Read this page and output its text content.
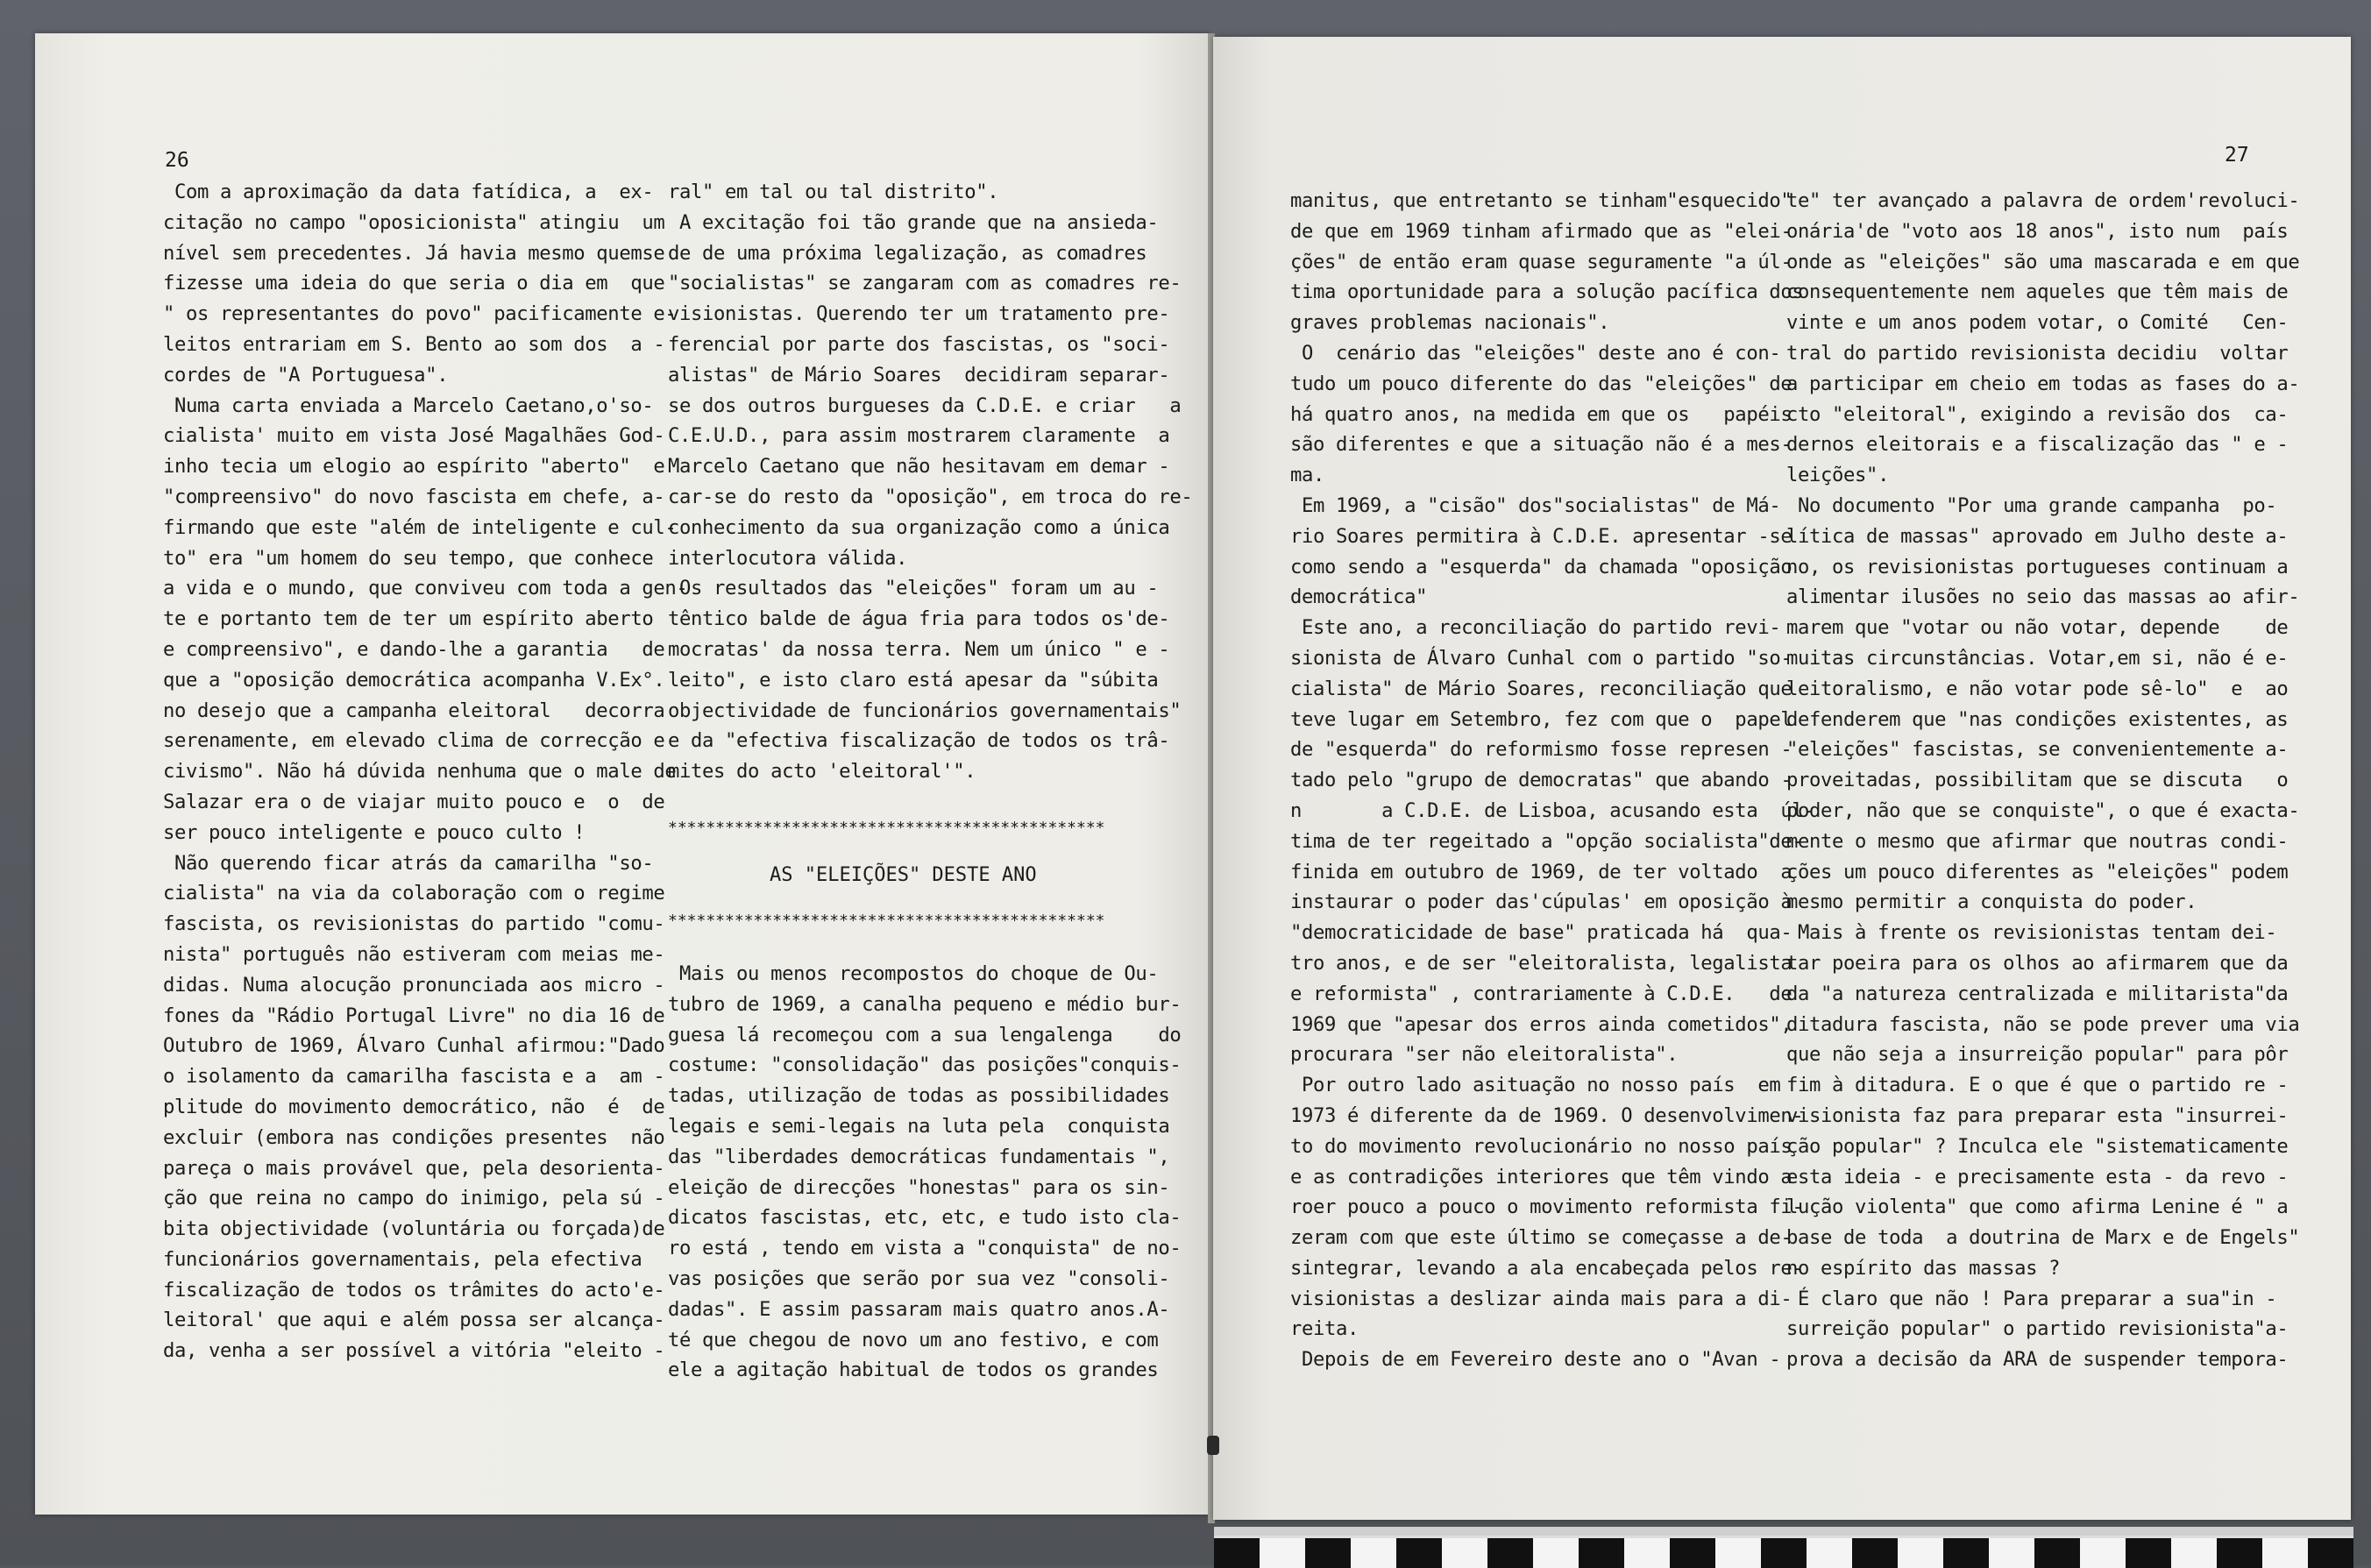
26	27
Com a aproximação da data fatídica, a  ex-
citação no campo "oposicionista" atingiu  um
nível sem precedentes. Já havia mesmo quemse
fizesse uma ideia do que seria o dia em  que
" os representantes do povo" pacificamente e-
leitos entrariam em S. Bento ao som dos  a -
cordes de "A Portuguesa".
Numa carta enviada a Marcelo Caetano,o'so-
cialista' muito em vista José Magalhães God-
inho tecia um elogio ao espírito "aberto"  e
"compreensivo" do novo fascista em chefe, a-
firmando que este "além de inteligente e cul-
to" era "um homem do seu tempo, que conhece
a vida e o mundo, que conviveu com toda a gen-
te e portanto tem de ter um espírito aberto
e compreensivo", e dando-lhe a garantia   de
que a "oposição democrática acompanha V.Ex°.
no desejo que a campanha eleitoral   decorra
serenamente, em elevado clima de correcção e
civismo". Não há dúvida nenhuma que o male de
Salazar era o de viajar muito pouco e  o  de
ser pouco inteligente e pouco culto !
Não querendo ficar atrás da camarilha "so-
cialista" na via da colaboração com o regime
fascista, os revisionistas do partido "comu-
nista" português não estiveram com meias me-
didas. Numa alocução pronunciada aos micro -
fones da "Rádio Portugal Livre" no dia 16 de
Outubro de 1969, Álvaro Cunhal afirmou:"Dado
o isolamento da camarilha fascista e a  am -
plitude do movimento democrático, não  é  de
excluir (embora nas condições presentes  não
pareça o mais provável que, pela desorienta-
ção que reina no campo do inimigo, pela sú -
bita objectividade (voluntária ou forçada)de
funcionários governamentais, pela efectiva
fiscalização de todos os trâmites do acto'e-
leitoral' que aqui e além possa ser alcança-
da, venha a ser possível a vitória "eleito -
ral" em tal ou tal distrito".
A excitação foi tão grande que na ansieda-
de de uma próxima legalização, as comadres
"socialistas" se zangaram com as comadres re-
visionistas. Querendo ter um tratamento pre-
ferencial por parte dos fascistas, os "soci-
alistas" de Mário Soares  decidiram separar-
se dos outros burgueses da C.D.E. e criar   a
C.E.U.D., para assim mostrarem claramente  a
Marcelo Caetano que não hesitavam em demar -
car-se do resto da "oposição", em troca do re-
conhecimento da sua organização como a única
interlocutora válida.
Os resultados das "eleições" foram um au -
têntico balde de água fria para todos os'de-
mocratas' da nossa terra. Nem um único " e -
leito", e isto claro está apesar da "súbita
objectividade de funcionários governamentais"
e da "efectiva fiscalização de todos os trâ-
mites do acto 'eleitoral'".
**********************************************
AS "ELEIÇÕES" DESTE ANO
**********************************************
Mais ou menos recompostos do choque de Ou-
tubro de 1969, a canalha pequeno e médio bur-
guesa lá recomeçou com a sua lengalenga    do
costume: "consolidação" das posições"conquis-
tadas, utilização de todas as possibilidades
legais e semi-legais na luta pela  conquista
das "liberdades democráticas fundamentais ",
eleição de direcções "honestas" para os sin-
dicatos fascistas, etc, etc, e tudo isto cla-
ro está , tendo em vista a "conquista" de no-
vas posições que serão por sua vez "consoli-
dadas". E assim passaram mais quatro anos.A-
té que chegou de novo um ano festivo, e com
ele a agitação habitual de todos os grandes
manitus, que entretanto se tinham"esquecido"
de que em 1969 tinham afirmado que as "elei-
ções" de então eram quase seguramente "a úl-
tima oportunidade para a solução pacífica dos
graves problemas nacionais".
O  cenário das "eleições" deste ano é con-
tudo um pouco diferente do das "eleições" de
há quatro anos, na medida em que os   papéis
são diferentes e que a situação não é a mes-
ma.
Em 1969, a "cisão" dos"socialistas" de Má-
rio Soares permitira à C.D.E. apresentar -se
como sendo a "esquerda" da chamada "oposição
democrática"
Este ano, a reconciliação do partido revi-
sionista de Álvaro Cunhal com o partido "so-
cialista" de Mário Soares, reconciliação que
teve lugar em Setembro, fez com que o  papel
de "esquerda" do reformismo fosse represen -
tado pelo "grupo de democratas" que abando -
n       a C.D.E. de Lisboa, acusando esta  úl-
tima de ter regeitado a "opção socialista"de-
finida em outubro de 1969, de ter voltado  a
instaurar o poder das'cúpulas' em oposição à
"democraticidade de base" praticada há  qua-
tro anos, e de ser "eleitoralista, legalista
e reformista" , contrariamente à C.D.E.   de
1969 que "apesar dos erros ainda cometidos",
procurara "ser não eleitoralista".
Por outro lado asituação no nosso país  em
1973 é diferente da de 1969. O desenvolvimen-
to do movimento revolucionário no nosso país
e as contradições interiores que têm vindo a
roer pouco a pouco o movimento reformista fi-
zeram com que este último se começasse a de-
sintegrar, levando a ala encabeçada pelos re-
visionistas a deslizar ainda mais para a di-
reita.
Depois de em Fevereiro deste ano o "Avan -
te" ter avançado a palavra de ordem'revoluci-
onária'de "voto aos 18 anos", isto num  país
onde as "eleições" são uma mascarada e em que
consequentemente nem aqueles que têm mais de
vinte e um anos podem votar, o Comité   Cen-
tral do partido revisionista decidiu  voltar
a participar em cheio em todas as fases do a-
cto "eleitoral", exigindo a revisão dos  ca-
dernos eleitorais e a fiscalização das " e -
leições".
No documento "Por uma grande campanha  po-
lítica de massas" aprovado em Julho deste a-
no, os revisionistas portugueses continuam a
alimentar ilusões no seio das massas ao afir-
marem que "votar ou não votar, depende    de
muitas circunstâncias. Votar,em si, não é e-
leitoralismo, e não votar pode sê-lo"  e  ao
defenderem que "nas condições existentes, as
"eleições" fascistas, se convenientemente a-
proveitadas, possibilitam que se discuta   o
poder, não que se conquiste", o que é exacta-
mente o mesmo que afirmar que noutras condi-
ções um pouco diferentes as "eleições" podem
mesmo permitir a conquista do poder.
Mais à frente os revisionistas tentam dei-
tar poeira para os olhos ao afirmarem que da
da "a natureza centralizada e militarista"da
ditadura fascista, não se pode prever uma via
que não seja a insurreição popular" para pôr
fim à ditadura. E o que é que o partido re -
visionista faz para preparar esta "insurrei-
ção popular" ? Inculca ele "sistematicamente
esta ideia - e precisamente esta - da revo -
lução violenta" que como afirma Lenine é " a
base de toda  a doutrina de Marx e de Engels"
no espírito das massas ?
É claro que não ! Para preparar a sua"in -
surreição popular" o partido revisionista"a-
prova a decisão da ARA de suspender tempora-
